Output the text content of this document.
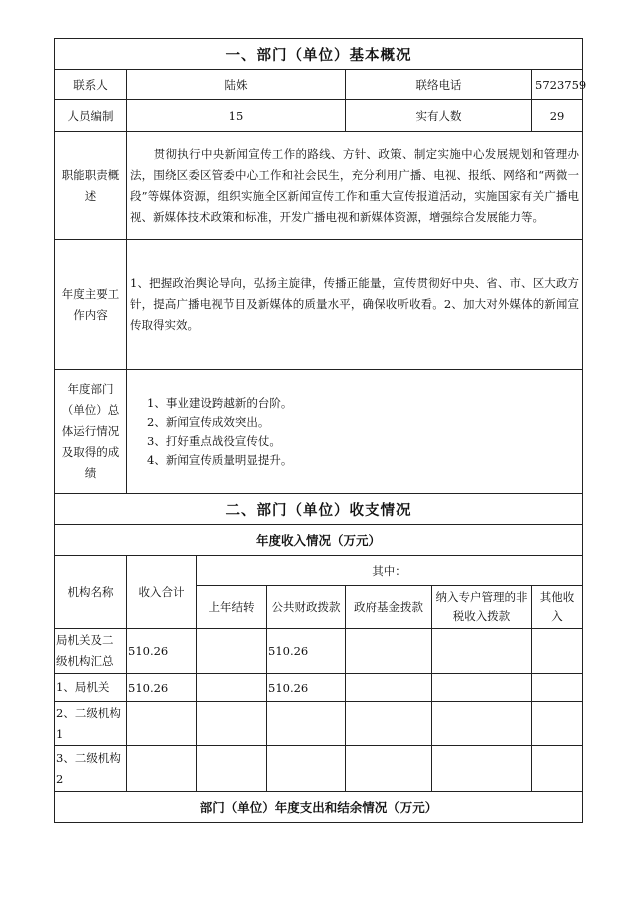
一、部门（单位）基本概况						
联系人	陆姝			联络电话		5723759
人员编制	15			实有人数		29
职能职责概述	　　贯彻执行中央新闻宣传工作的路线、方针、政策、制定实施中心发展规划和管理办法，围绕区委区管委中心工作和社会民生，充分利用广播、电视、报纸、网络和“两微一段”等媒体资源，组织实施全区新闻宣传工作和重大宣传报道活动，实施国家有关广播电视、新媒体技术政策和标准，开发广播电视和新媒体资源，增强综合发展能力等。					
年度主要工作内容	1、把握政治舆论导向，弘扬主旋律，传播正能量，宣传贯彻好中央、省、市、区大政方针，提高广播电视节目及新媒体的质量水平，确保收听收看。2、加大对外媒体的新闻宣传取得实效。					
年度部门（单位）总体运行情况及取得的成绩	1、事业建设跨越新的台阶。
2、新闻宣传成效突出。
3、打好重点战役宣传仗。
4、新闻宣传质量明显提升。					

二、部门（单位）收支情况						
年度收入情况（万元）						
机构名称	收入合计	其中：				
		上年结转	公共财政拨款	政府基金拨款	纳入专户管理的非税收入拨款	其他收入
局机关及二级机构汇总	510.26		510.26			
1、局机关	510.26		510.26			
2、二级机构1						
3、二级机构2						
部门（单位）年度支出和结余情况（万元）						
